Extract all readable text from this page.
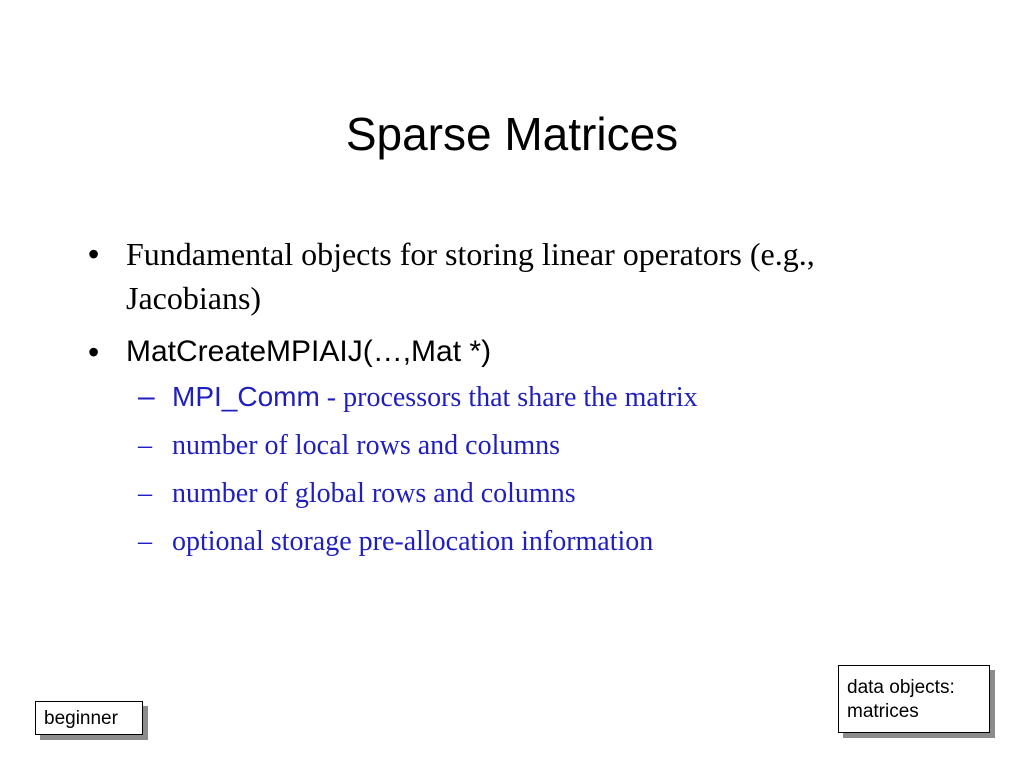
Sparse Matrices
• Fundamental objects for storing linear operators (e.g., Jacobians)
• MatCreateMPIAIJ(…,Mat *)
– MPI_Comm - processors that share the matrix
– number of local rows and columns
– number of global rows and columns
– optional storage pre-allocation information
beginner
data objects:
matrices
